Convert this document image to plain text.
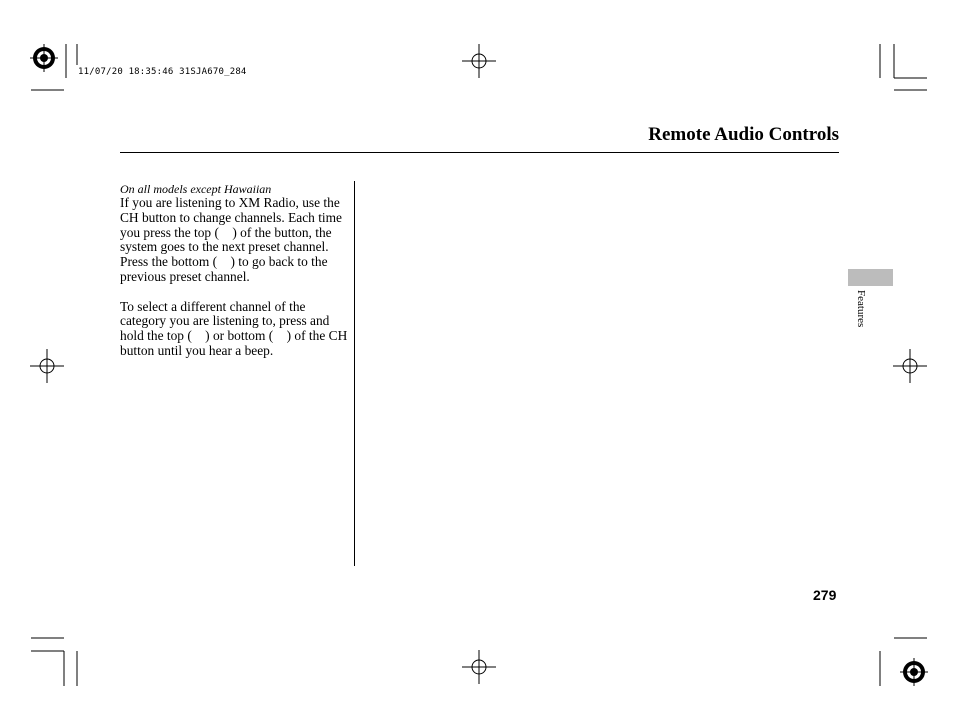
11/07/20 18:35:46 31SJA670_284
Remote Audio Controls
On all models except Hawaiian

If you are listening to XM Radio, use the CH button to change channels. Each time you press the top (  ) of the button, the system goes to the next preset channel. Press the bottom (  ) to go back to the previous preset channel.

To select a different channel of the category you are listening to, press and hold the top (  ) or bottom (  ) of the CH button until you hear a beep.

Features
279
